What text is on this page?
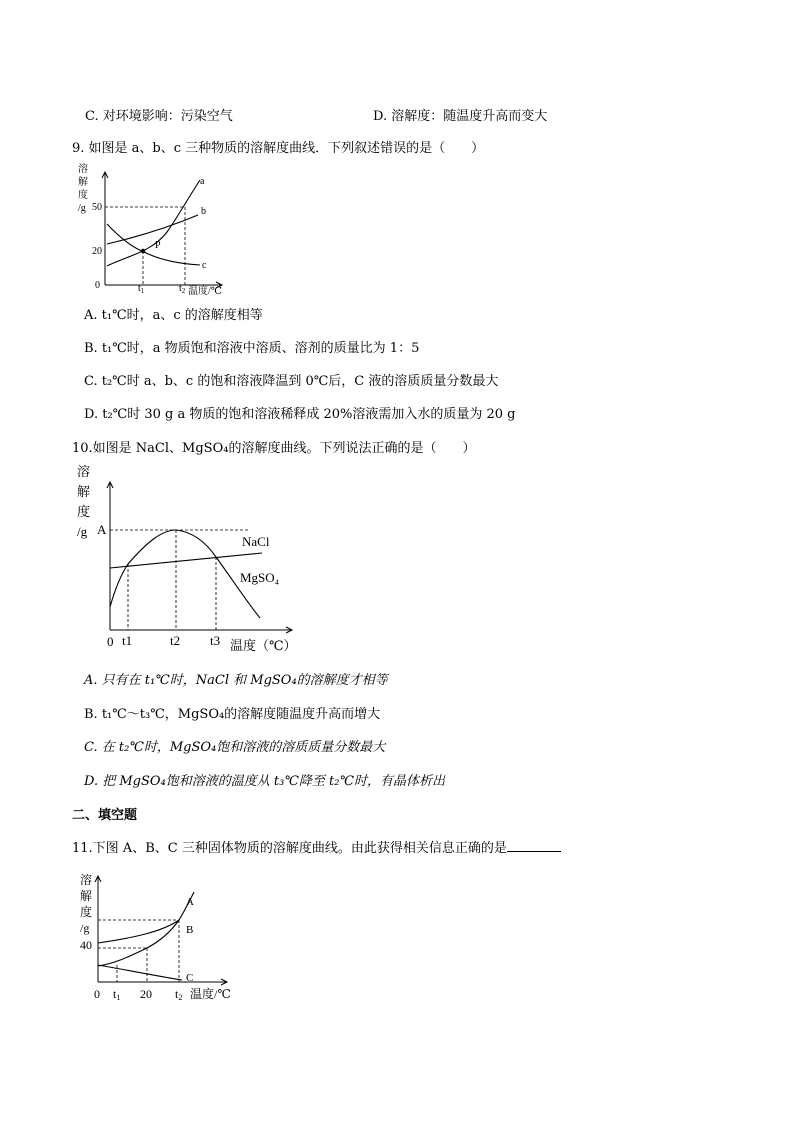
C. 对环境影响：污染空气	D. 溶解度：随温度升高而变大
9. 如图是 a、b、c 三种物质的溶解度曲线．下列叙述错误的是（　　）
溶
解
度
/g
0
50
20
P
a
b
c
$t_1$	$t_2$ 温度/℃
A. t₁℃时，a、c 的溶解度相等
B. t₁℃时，a 物质饱和溶液中溶质、溶剂的质量比为 1：5
C. t₂℃时 a、b、c 的饱和溶液降温到 0℃后，C 液的溶质质量分数最大
D. t₂℃时 30 g a 物质的饱和溶液稀释成 20%溶液需加入水的质量为 20 g
10.如图是 NaCl、MgSO₄的溶解度曲线。下列说法正确的是（　　）
溶
解
度
/g
0
A
NaCl
MgSO₄
t1	t2 t3 温度（℃）
A. 只有在 t₁℃时，NaCl 和 MgSO₄的溶解度才相等
B. t₁℃～t₃℃，MgSO₄的溶解度随温度升高而增大
C. 在 t₂℃时，MgSO₄饱和溶液的溶质质量分数最大
D. 把 MgSO₄饱和溶液的温度从 t₃℃降至 t₂℃时，有晶体析出
二、填空题
11.下图 A、B、C 三种固体物质的溶解度曲线。由此获得相关信息正确的是
溶
解
度
/g
0
40
A
B
C
t1 20 t2 温度/℃
